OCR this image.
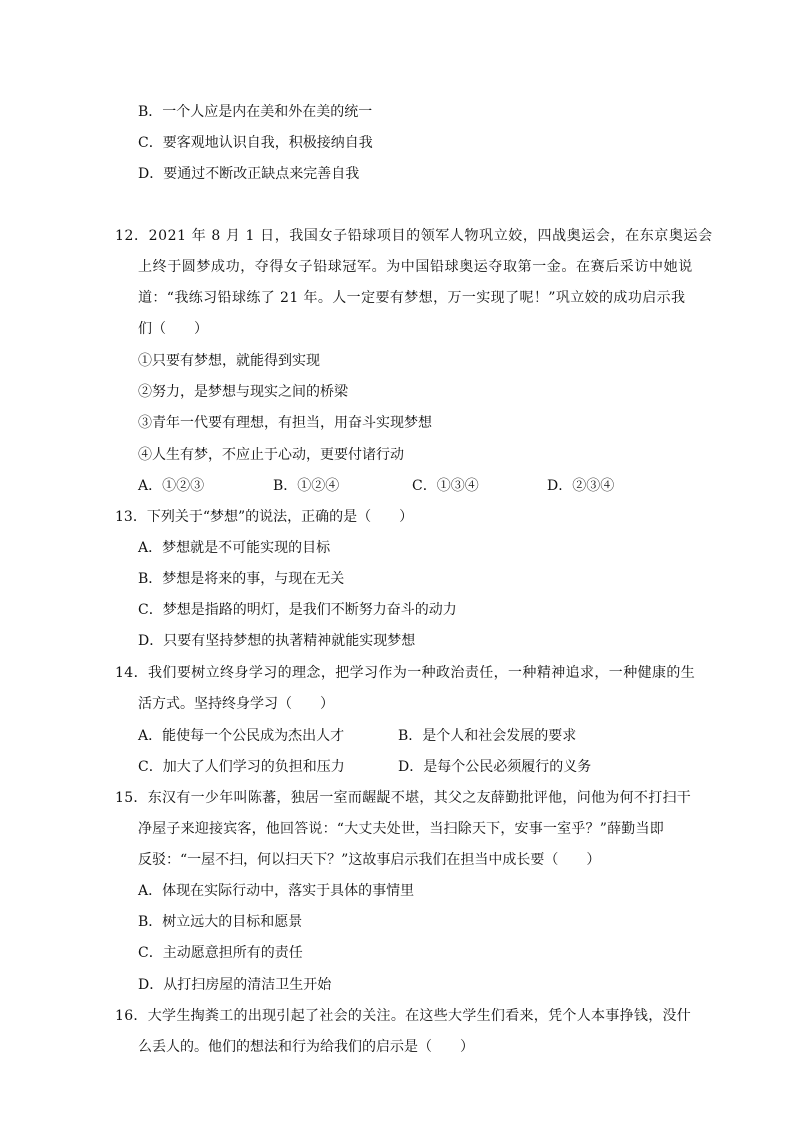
B．一个人应是内在美和外在美的统一
C．要客观地认识自我，积极接纳自我
D．要通过不断改正缺点来完善自我
12．2021 年 8 月 1 日，我国女子铅球项目的领军人物巩立姣，四战奥运会，在东京奥运会
上终于圆梦成功，夺得女子铅球冠军。为中国铅球奥运夺取第一金。在赛后采访中她说
道：“我练习铅球练了 21 年。人一定要有梦想，万一实现了呢！”巩立姣的成功启示我
们（　　）
①只要有梦想，就能得到实现
②努力，是梦想与现实之间的桥梁
③青年一代要有理想，有担当，用奋斗实现梦想
④人生有梦，不应止于心动，更要付诸行动
A．①②③	B．①②④	C．①③④	D．②③④
13．下列关于“梦想”的说法，正确的是（　　）
A．梦想就是不可能实现的目标
B．梦想是将来的事，与现在无关
C．梦想是指路的明灯，是我们不断努力奋斗的动力
D．只要有坚持梦想的执著精神就能实现梦想
14．我们要树立终身学习的理念，把学习作为一种政治责任，一种精神追求，一种健康的生
活方式。坚持终身学习（　　）
A．能使每一个公民成为杰出人才	B．是个人和社会发展的要求
C．加大了人们学习的负担和压力	D．是每个公民必须履行的义务
15．东汉有一少年叫陈蕃，独居一室而龌龊不堪，其父之友薛勤批评他，问他为何不打扫干
净屋子来迎接宾客，他回答说：“大丈夫处世，当扫除天下，安事一室乎？”薛勤当即
反驳：“一屋不扫，何以扫天下？”这故事启示我们在担当中成长要（　　）
A．体现在实际行动中，落实于具体的事情里
B．树立远大的目标和愿景
C．主动愿意担所有的责任
D．从打扫房屋的清洁卫生开始
16．大学生掏粪工的出现引起了社会的关注。在这些大学生们看来，凭个人本事挣钱，没什
么丢人的。他们的想法和行为给我们的启示是（　　）
